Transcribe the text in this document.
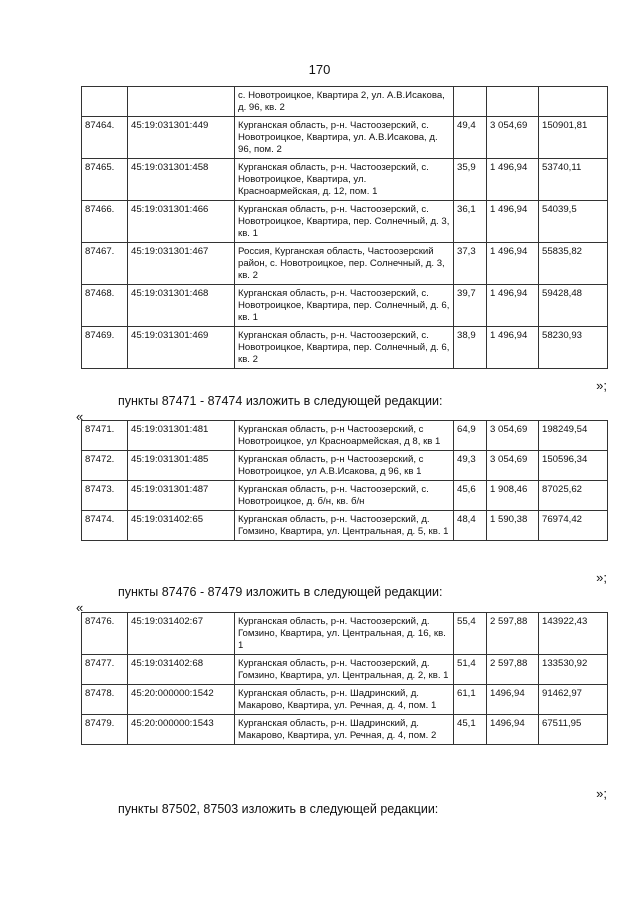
170
		с. Новотроицкое, Квартира 2, ул. А.В.Исакова, д. 96, кв. 2			
87464.	45:19:031301:449	Курганская область, р-н. Частоозерский, с. Новотроицкое, Квартира, ул. А.В.Исакова, д. 96, пом. 2	49,4	3 054,69	150901,81
87465.	45:19:031301:458	Курганская область, р-н. Частоозерский, с. Новотроицкое, Квартира, ул. Красноармейская, д. 12, пом. 1	35,9	1 496,94	53740,11
87466.	45:19:031301:466	Курганская область, р-н. Частоозерский, с. Новотроицкое, Квартира, пер. Солнечный, д. 3, кв. 1	36,1	1 496,94	54039,5
87467.	45:19:031301:467	Россия, Курганская область, Частоозерский район, с. Новотроицкое, пер. Солнечный, д. 3, кв. 2	37,3	1 496,94	55835,82
87468.	45:19:031301:468	Курганская область, р-н. Частоозерский, с. Новотроицкое, Квартира, пер. Солнечный, д. 6, кв. 1	39,7	1 496,94	59428,48
87469.	45:19:031301:469	Курганская область, р-н. Частоозерский, с. Новотроицкое, Квартира, пер. Солнечный, д. 6, кв. 2	38,9	1 496,94	58230,93
»;
пункты 87471 - 87474 изложить в следующей редакции:
«
87471.	45:19:031301:481	Курганская область, р-н Частоозерский, с Новотроицкое, ул Красноармейская, д 8, кв 1	64,9	3 054,69	198249,54
87472.	45:19:031301:485	Курганская область, р-н Частоозерский, с Новотроицкое, ул А.В.Исакова, д 96, кв 1	49,3	3 054,69	150596,34
87473.	45:19:031301:487	Курганская область, р-н. Частоозерский, с. Новотроицкое, д. б/н, кв. б/н	45,6	1 908,46	87025,62
87474.	45:19:031402:65	Курганская область, р-н. Частоозерский, д. Гомзино, Квартира, ул. Центральная, д. 5, кв. 1	48,4	1 590,38	76974,42
»;
пункты 87476 - 87479 изложить в следующей редакции:
«
87476.	45:19:031402:67	Курганская область, р-н. Частоозерский, д. Гомзино, Квартира, ул. Центральная, д. 16, кв. 1	55,4	2 597,88	143922,43
87477.	45:19:031402:68	Курганская область, р-н. Частоозерский, д. Гомзино, Квартира, ул. Центральная, д. 2, кв. 1	51,4	2 597,88	133530,92
87478.	45:20:000000:1542	Курганская область, р-н. Шадринский, д. Макарово, Квартира, ул. Речная, д. 4, пом. 1	61,1	1496,94	91462,97
87479.	45:20:000000:1543	Курганская область, р-н. Шадринский, д. Макарово, Квартира, ул. Речная, д. 4, пом. 2	45,1	1496,94	67511,95
»;
пункты 87502, 87503 изложить в следующей редакции:
